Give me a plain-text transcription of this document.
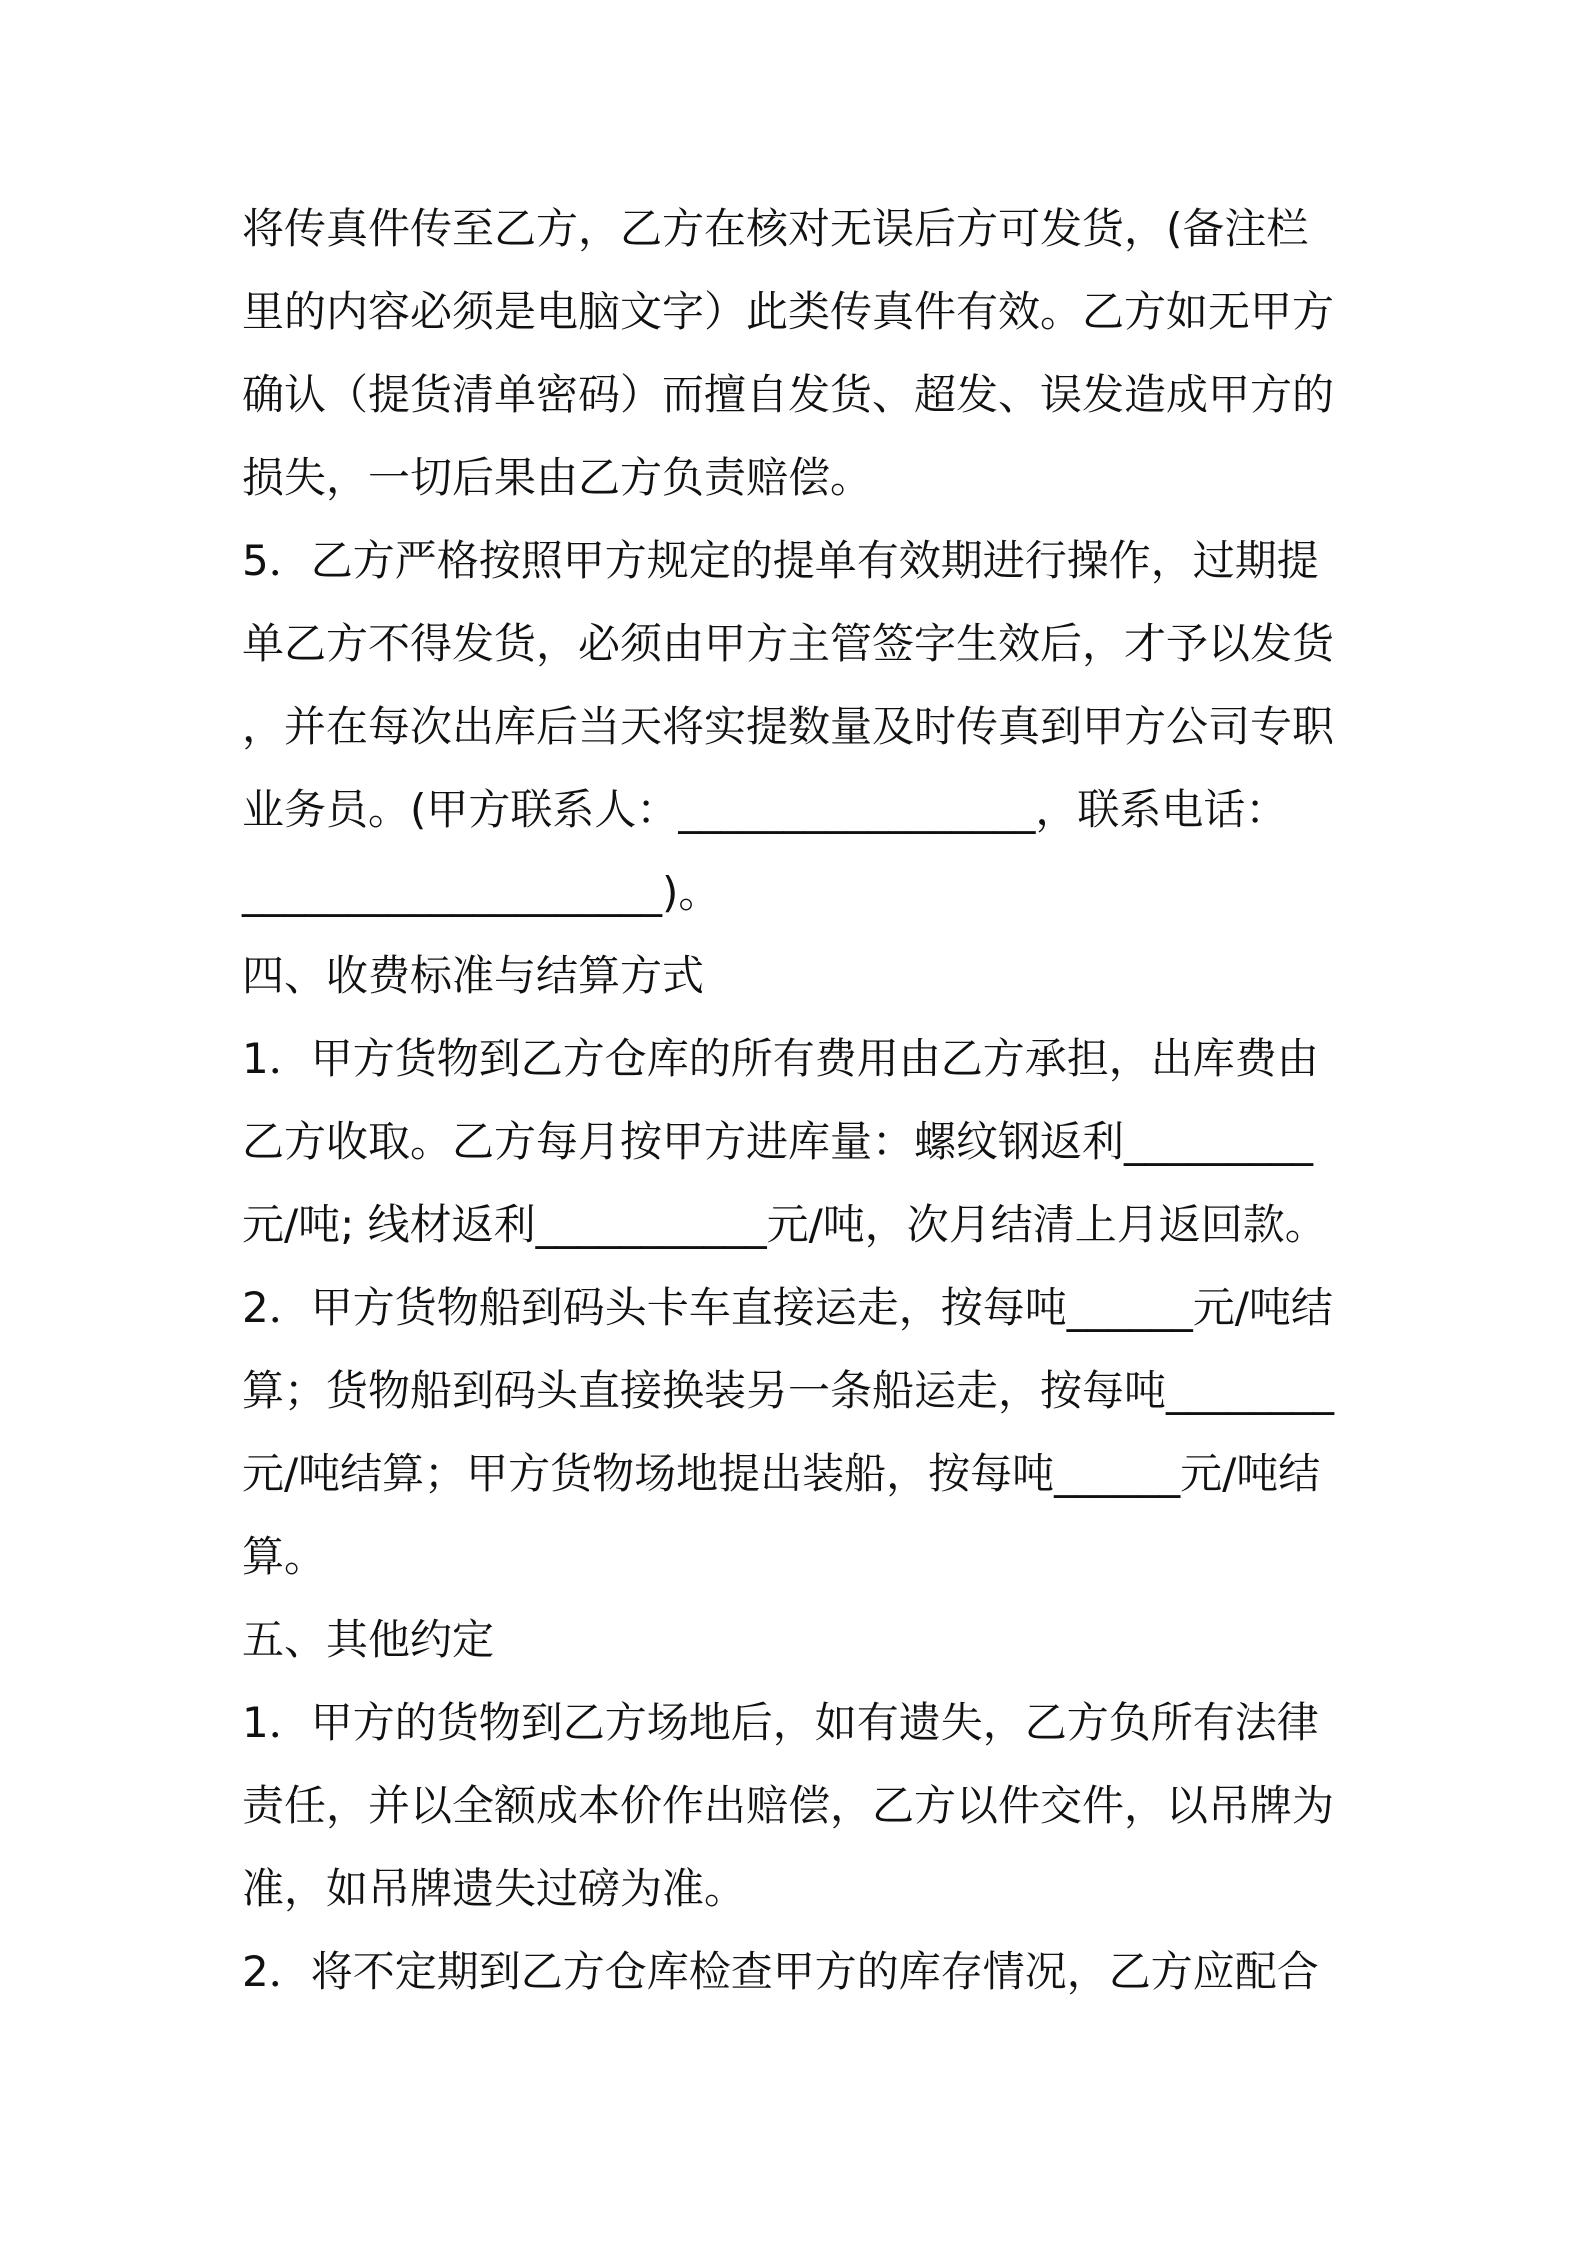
将传真件传至乙方，乙方在核对无误后方可发货，(备注栏
里的内容必须是电脑文字）此类传真件有效。乙方如无甲方
确认（提货清单密码）而擅自发货、超发、误发造成甲方的
损失，一切后果由乙方负责赔偿。
5．乙方严格按照甲方规定的提单有效期进行操作，过期提
单乙方不得发货，必须由甲方主管签字生效后，才予以发货
，并在每次出库后当天将实提数量及时传真到甲方公司专职
业务员。(甲方联系人：_________________，联系电话：
____________________)。
四、收费标准与结算方式
1．甲方货物到乙方仓库的所有费用由乙方承担，出库费由
乙方收取。乙方每月按甲方进库量：螺纹钢返利_________
元/吨; 线材返利___________元/吨，次月结清上月返回款。
2．甲方货物船到码头卡车直接运走，按每吨______元/吨结
算；货物船到码头直接换装另一条船运走，按每吨________
元/吨结算；甲方货物场地提出装船，按每吨______元/吨结
算。
五、其他约定
1．甲方的货物到乙方场地后，如有遗失，乙方负所有法律
责任，并以全额成本价作出赔偿，乙方以件交件，以吊牌为
准，如吊牌遗失过磅为准。
2．将不定期到乙方仓库检查甲方的库存情况，乙方应配合
